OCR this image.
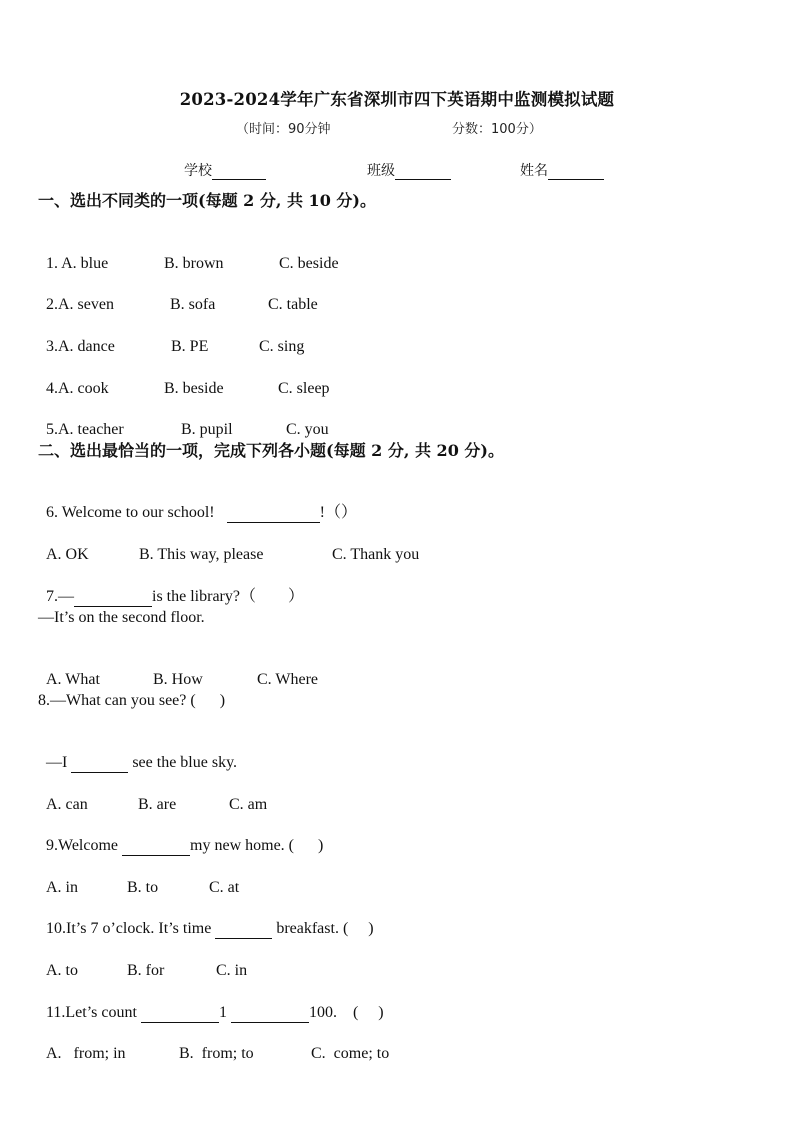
2023-2024学年广东省深圳市四下英语期中监测模拟试题
（时间：90分钟	分数：100分）
学校	班级	姓名
一、选出不同类的一项(每题 2 分, 共 10 分)。

1. A. blue	B. brown	C. beside

2.A. seven	B. sofa	C. table

3.A. dance	B. PE	C. sing

4.A. cook	B. beside	C. sleep

5.A. teacher	B. pupil	C. you

二、选出最恰当的一项，完成下列各小题(每题 2 分, 共 20 分)。

6. Welcome to our school!	!（）

A. OK	B. This way, please	C. Thank you

7.—	is the library?（        ）

—It’s on the second floor.

A. What	B. How	C. Where

8.—What can you see? (      )

—I	see the blue sky.

A. can	B. are	C. am

9.Welcome	my new home. (      )

A. in	B. to	C. at

10.It’s 7 o’clock. It’s time	breakfast. (     )

A. to	B. for	C. in

11.Let’s count	1	100.    (     )

A.   from; in	B.  from; to	C.  come; to
